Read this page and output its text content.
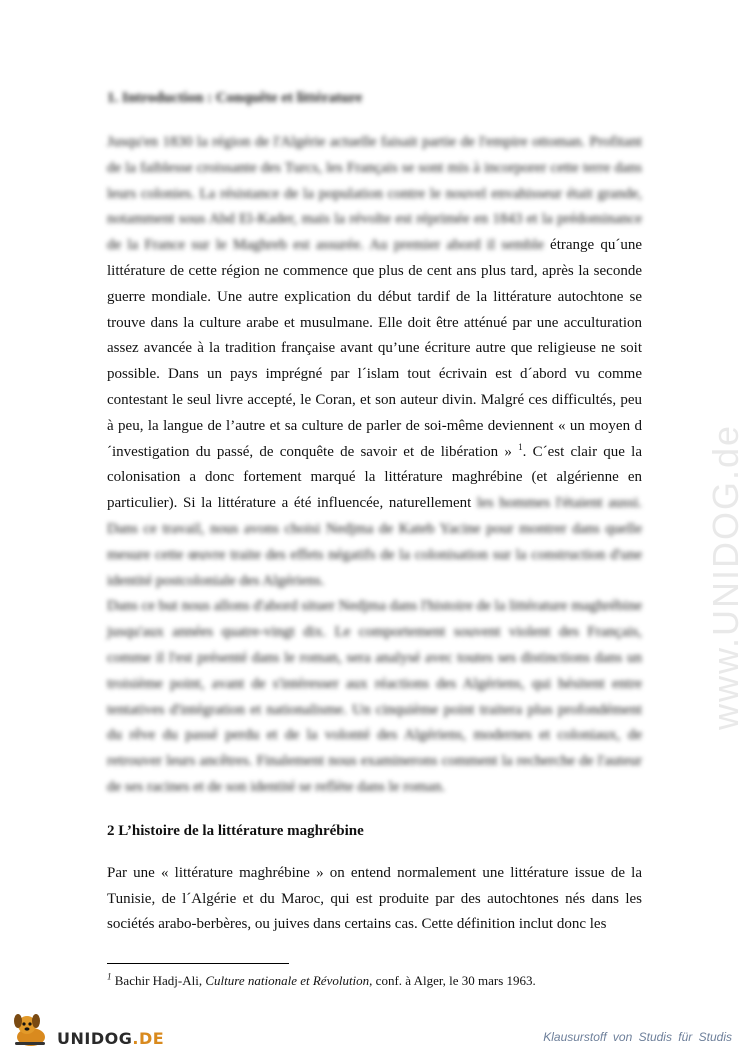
www.UNIDOG.de
1. Introduction : Conquête et littérature

Jusqu'en 1830 la région de l'Algérie actuelle faisait partie de l'empire ottoman. Profitant de la faiblesse croissante des Turcs, les Français se sont mis à incorporer cette terre dans leurs colonies. La résistance de la population contre le nouvel envahisseur était grande, notamment sous Abd El-Kader, mais la révolte est réprimée en 1843 et la prédominance de la France sur le Maghreb est assurée. Au premier abord il semble étrange qu´une littérature de cette région ne commence que plus de cent ans plus tard, après la seconde guerre mondiale. Une autre explication du début tardif de la littérature autochtone se trouve dans la culture arabe et musulmane. Elle doit être atténué par une acculturation assez avancée à la tradition française avant qu’une écriture autre que religieuse ne soit possible. Dans un pays imprégné par l´islam tout écrivain est d´abord vu comme contestant le seul livre accepté, le Coran, et son auteur divin. Malgré ces difficultés, peu à peu, la langue de l’autre et sa culture de parler de soi-même deviennent « un moyen d´investigation du passé, de conquête de savoir et de libération » $^1$. C´est clair que la colonisation a donc fortement marqué la littérature maghrébine (et algérienne en particulier). Si la littérature a été influencée, naturellement les hommes l'étaient aussi. Dans ce travail, nous avons choisi Nedjma de Kateb Yacine pour montrer dans quelle mesure cette œuvre traite des effets négatifs de la colonisation sur la construction d'une identité postcoloniale des Algériens.

Dans ce but nous allons d'abord situer Nedjma dans l'histoire de la littérature maghrébine jusqu'aux années quatre-vingt dix. Le comportement souvent violent des Français, comme il l'est présenté dans le roman, sera analysé avec toutes ses distinctions dans un troisième point, avant de s'intéresser aux réactions des Algériens, qui hésitent entre tentatives d'intégration et nationalisme. Un cinquième point traitera plus profondément du rêve du passé perdu et de la volonté des Algériens, modernes et coloniaux, de retrouver leurs ancêtres. Finalement nous examinerons comment la recherche de l'auteur de ses racines et de son identité se reflète dans le roman.

2 L’histoire de la littérature maghrébine

Par une « littérature maghrébine » on entend normalement une littérature issue de la Tunisie, de l´Algérie et du Maroc, qui est produite par des autochtones nés dans les sociétés arabo-berbères, ou juives dans certains cas. Cette définition inclut donc les

$^1$ Bachir Hadj-Ali, Culture nationale et Révolution, conf. à Alger, le 30 mars 1963.
UNIDOG.DE	Klausurstoff von Studis für Studis
